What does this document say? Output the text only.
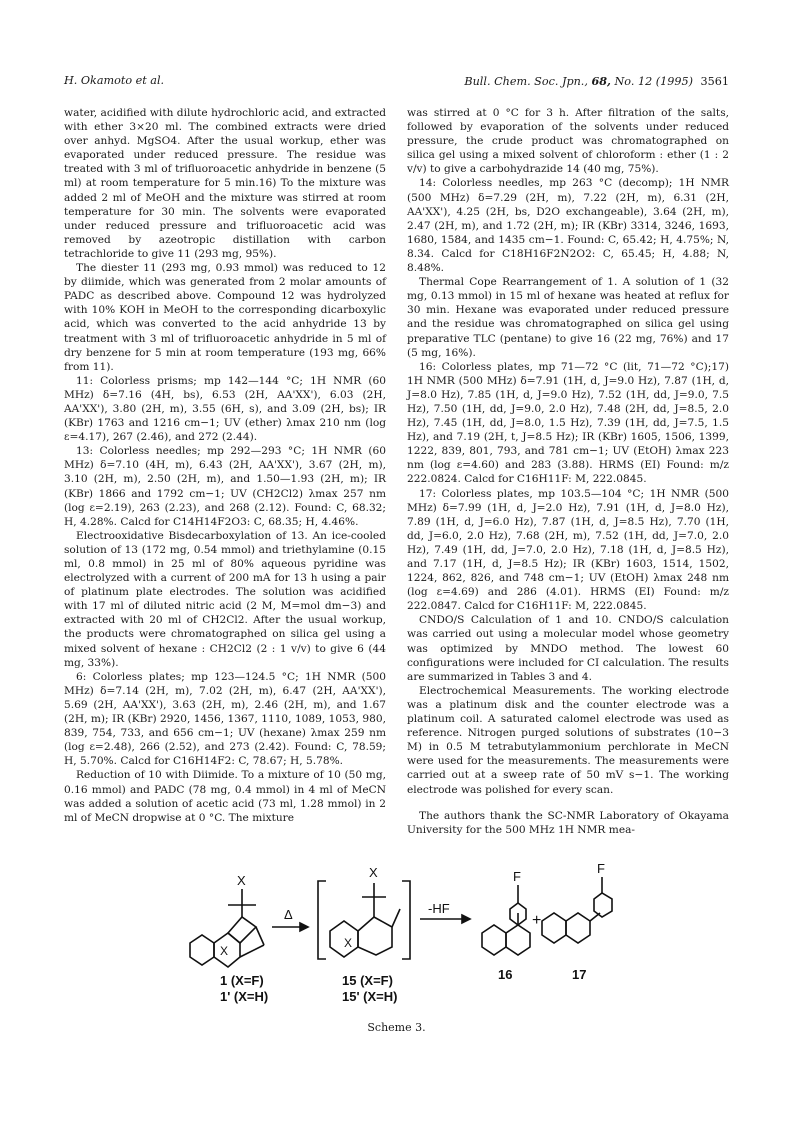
H. Okamoto et al.	Bull. Chem. Soc. Jpn., 68, No. 12 (1995) 3561

water, acidified with dilute hydrochloric acid, and extracted with ether 3×20 ml. The combined extracts were dried over anhyd. MgSO4. After the usual workup, ether was evaporated under reduced pressure. The residue was treated with 3 ml of trifluoroacetic anhydride in benzene (5 ml) at room temperature for 5 min.16) To the mixture was added 2 ml of MeOH and the mixture was stirred at room temperature for 30 min. The solvents were evaporated under reduced pressure and trifluoroacetic acid was removed by azeotropic distillation with carbon tetrachloride to give 11 (293 mg, 95%).

The diester 11 (293 mg, 0.93 mmol) was reduced to 12 by diimide, which was generated from 2 molar amounts of PADC as described above. Compound 12 was hydrolyzed with 10% KOH in MeOH to the corresponding dicarboxylic acid, which was converted to the acid anhydride 13 by treatment with 3 ml of trifluoroacetic anhydride in 5 ml of dry benzene for 5 min at room temperature (193 mg, 66% from 11).

11: Colorless prisms; mp 142—144 °C; 1H NMR (60 MHz) δ=7.16 (4H, bs), 6.53 (2H, AA'XX'), 6.03 (2H, AA'XX'), 3.80 (2H, m), 3.55 (6H, s), and 3.09 (2H, bs); IR (KBr) 1763 and 1216 cm−1; UV (ether) λmax 210 nm (log ε=4.17), 267 (2.46), and 272 (2.44).

13: Colorless needles; mp 292—293 °C; 1H NMR (60 MHz) δ=7.10 (4H, m), 6.43 (2H, AA'XX'), 3.67 (2H, m), 3.10 (2H, m), 2.50 (2H, m), and 1.50—1.93 (2H, m); IR (KBr) 1866 and 1792 cm−1; UV (CH2Cl2) λmax 257 nm (log ε=2.19), 263 (2.23), and 268 (2.12). Found: C, 68.32; H, 4.28%. Calcd for C14H14F2O3: C, 68.35; H, 4.46%.

Electrooxidative Bisdecarboxylation of 13. An ice-cooled solution of 13 (172 mg, 0.54 mmol) and triethylamine (0.15 ml, 0.8 mmol) in 25 ml of 80% aqueous pyridine was electrolyzed with a current of 200 mA for 13 h using a pair of platinum plate electrodes. The solution was acidified with 17 ml of diluted nitric acid (2 M, M=mol dm−3) and extracted with 20 ml of CH2Cl2. After the usual workup, the products were chromatographed on silica gel using a mixed solvent of hexane : CH2Cl2 (2 : 1 v/v) to give 6 (44 mg, 33%).

6: Colorless plates; mp 123—124.5 °C; 1H NMR (500 MHz) δ=7.14 (2H, m), 7.02 (2H, m), 6.47 (2H, AA'XX'), 5.69 (2H, AA'XX'), 3.63 (2H, m), 2.46 (2H, m), and 1.67 (2H, m); IR (KBr) 2920, 1456, 1367, 1110, 1089, 1053, 980, 839, 754, 733, and 656 cm−1; UV (hexane) λmax 259 nm (log ε=2.48), 266 (2.52), and 273 (2.42). Found: C, 78.59; H, 5.70%. Calcd for C16H14F2: C, 78.67; H, 5.78%.

Reduction of 10 with Diimide. To a mixture of 10 (50 mg, 0.16 mmol) and PADC (78 mg, 0.4 mmol) in 4 ml of MeCN was added a solution of acetic acid (73 ml, 1.28 mmol) in 2 ml of MeCN dropwise at 0 °C. The mixture

was stirred at 0 °C for 3 h. After filtration of the salts, followed by evaporation of the solvents under reduced pressure, the crude product was chromatographed on silica gel using a mixed solvent of chloroform : ether (1 : 2 v/v) to give a carbohydrazide 14 (40 mg, 75%).

14: Colorless needles, mp 263 °C (decomp); 1H NMR (500 MHz) δ=7.29 (2H, m), 7.22 (2H, m), 6.31 (2H, AA'XX'), 4.25 (2H, bs, D2O exchangeable), 3.64 (2H, m), 2.47 (2H, m), and 1.72 (2H, m); IR (KBr) 3314, 3246, 1693, 1680, 1584, and 1435 cm−1. Found: C, 65.42; H, 4.75%; N, 8.34. Calcd for C18H16F2N2O2: C, 65.45; H, 4.88; N, 8.48%.

Thermal Cope Rearrangement of 1. A solution of 1 (32 mg, 0.13 mmol) in 15 ml of hexane was heated at reflux for 30 min. Hexane was evaporated under reduced pressure and the residue was chromatographed on silica gel using preparative TLC (pentane) to give 16 (22 mg, 76%) and 17 (5 mg, 16%).

16: Colorless plates, mp 71—72 °C (lit, 71—72 °C);17) 1H NMR (500 MHz) δ=7.91 (1H, d, J=9.0 Hz), 7.87 (1H, d, J=8.0 Hz), 7.85 (1H, d, J=9.0 Hz), 7.52 (1H, dd, J=9.0, 7.5 Hz), 7.50 (1H, dd, J=9.0, 2.0 Hz), 7.48 (2H, dd, J=8.5, 2.0 Hz), 7.45 (1H, dd, J=8.0, 1.5 Hz), 7.39 (1H, dd, J=7.5, 1.5 Hz), and 7.19 (2H, t, J=8.5 Hz); IR (KBr) 1605, 1506, 1399, 1222, 839, 801, 793, and 781 cm−1; UV (EtOH) λmax 223 nm (log ε=4.60) and 283 (3.88). HRMS (EI) Found: m/z 222.0824. Calcd for C16H11F: M, 222.0845.

17: Colorless plates, mp 103.5—104 °C; 1H NMR (500 MHz) δ=7.99 (1H, d, J=2.0 Hz), 7.91 (1H, d, J=8.0 Hz), 7.89 (1H, d, J=6.0 Hz), 7.87 (1H, d, J=8.5 Hz), 7.70 (1H, dd, J=6.0, 2.0 Hz), 7.68 (2H, m), 7.52 (1H, dd, J=7.0, 2.0 Hz), 7.49 (1H, dd, J=7.0, 2.0 Hz), 7.18 (1H, d, J=8.5 Hz), and 7.17 (1H, d, J=8.5 Hz); IR (KBr) 1603, 1514, 1502, 1224, 862, 826, and 748 cm−1; UV (EtOH) λmax 248 nm (log ε=4.69) and 286 (4.01). HRMS (EI) Found: m/z 222.0847. Calcd for C16H11F: M, 222.0845.

CNDO/S Calculation of 1 and 10. CNDO/S calculation was carried out using a molecular model whose geometry was optimized by MNDO method. The lowest 60 configurations were included for CI calculation. The results are summarized in Tables 3 and 4.

Electrochemical Measurements. The working electrode was a platinum disk and the counter electrode was a platinum coil. A saturated calomel electrode was used as reference. Nitrogen purged solutions of substrates (10−3 M) in 0.5 M tetrabutylammonium perchlorate in MeCN were used for the measurements. The measurements were carried out at a sweep rate of 50 mV s−1. The working electrode was polished for every scan.

The authors thank the SC-NMR Laboratory of Okayama University for the 500 MHz 1H NMR mea-

Δ	-HF
+
X
X
X
X
F
F
1 (X=F)
1' (X=H)
15 (X=F)
15' (X=H)
16	17
Scheme 3.
